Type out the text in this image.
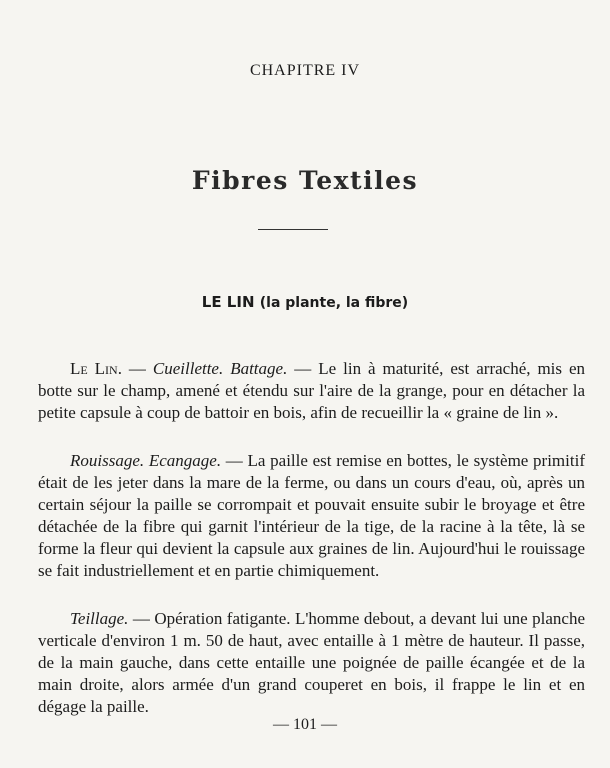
CHAPITRE IV
Fibres Textiles
LE LIN (la plante, la fibre)

Le Lin. — Cueillette. Battage. — Le lin à maturité, est arraché, mis en botte sur le champ, amené et étendu sur l'aire de la grange, pour en détacher la petite capsule à coup de battoir en bois, afin de recueillir la « graine de lin ».

Rouissage. Ecangage. — La paille est remise en bottes, le système primitif était de les jeter dans la mare de la ferme, ou dans un cours d'eau, où, après un certain séjour la paille se corrompait et pouvait ensuite subir le broyage et être détachée de la fibre qui garnit l'intérieur de la tige, de la racine à la tête, là se forme la fleur qui devient la capsule aux graines de lin. Aujourd'hui le rouissage se fait industriellement et en partie chimiquement.

Teillage. — Opération fatigante. L'homme debout, a devant lui une planche verticale d'environ 1 m. 50 de haut, avec entaille à 1 mètre de hauteur. Il passe, de la main gauche, dans cette entaille une poignée de paille écangée et de la main droite, alors armée d'un grand couperet en bois, il frappe le lin et en dégage la paille.

— 101 —
